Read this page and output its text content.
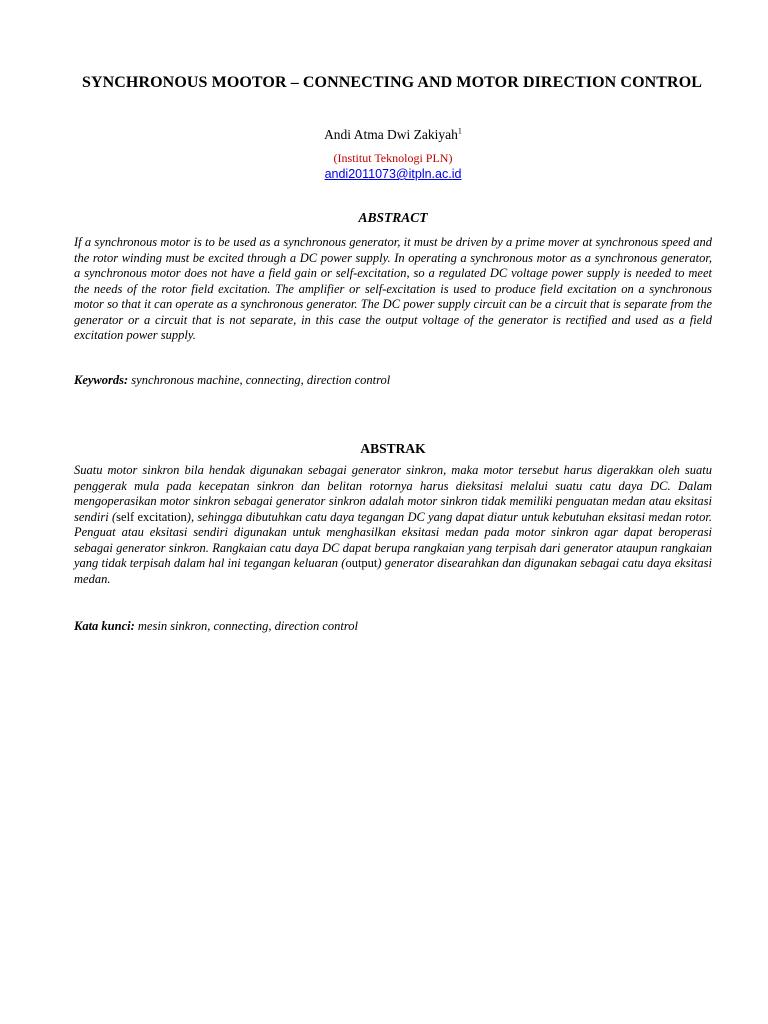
SYNCHRONOUS MOOTOR – CONNECTING AND MOTOR DIRECTION CONTROL
Andi Atma Dwi Zakiyah$^1$
(Institut Teknologi PLN)
andi2011073@itpln.ac.id
ABSTRACT

If a synchronous motor is to be used as a synchronous generator, it must be driven by a prime mover at synchronous speed and the rotor winding must be excited through a DC power supply. In operating a synchronous motor as a synchronous generator, a synchronous motor does not have a field gain or self-excitation, so a regulated DC voltage power supply is needed to meet the needs of the rotor field excitation. The amplifier or self-excitation is used to produce field excitation on a synchronous motor so that it can operate as a synchronous generator. The DC power supply circuit can be a circuit that is separate from the generator or a circuit that is not separate, in this case the output voltage of the generator is rectified and used as a field excitation power supply.

Keywords: synchronous machine, connecting, direction control
ABSTRAK

Suatu motor sinkron bila hendak digunakan sebagai generator sinkron, maka motor tersebut harus digerakkan oleh suatu penggerak mula pada kecepatan sinkron dan belitan rotornya harus dieksitasi melalui suatu catu daya DC. Dalam mengoperasikan motor sinkron sebagai generator sinkron adalah motor sinkron tidak memiliki penguatan medan atau eksitasi sendiri (self excitation), sehingga dibutuhkan catu daya tegangan DC yang dapat diatur untuk kebutuhan eksitasi medan rotor. Penguat atau eksitasi sendiri digunakan untuk menghasilkan eksitasi medan pada motor sinkron agar dapat beroperasi sebagai generator sinkron. Rangkaian catu daya DC dapat berupa rangkaian yang terpisah dari generator ataupun rangkaian yang tidak terpisah dalam hal ini tegangan keluaran (output) generator disearahkan dan digunakan sebagai catu daya eksitasi medan.

Kata kunci: mesin sinkron, connecting, direction control
